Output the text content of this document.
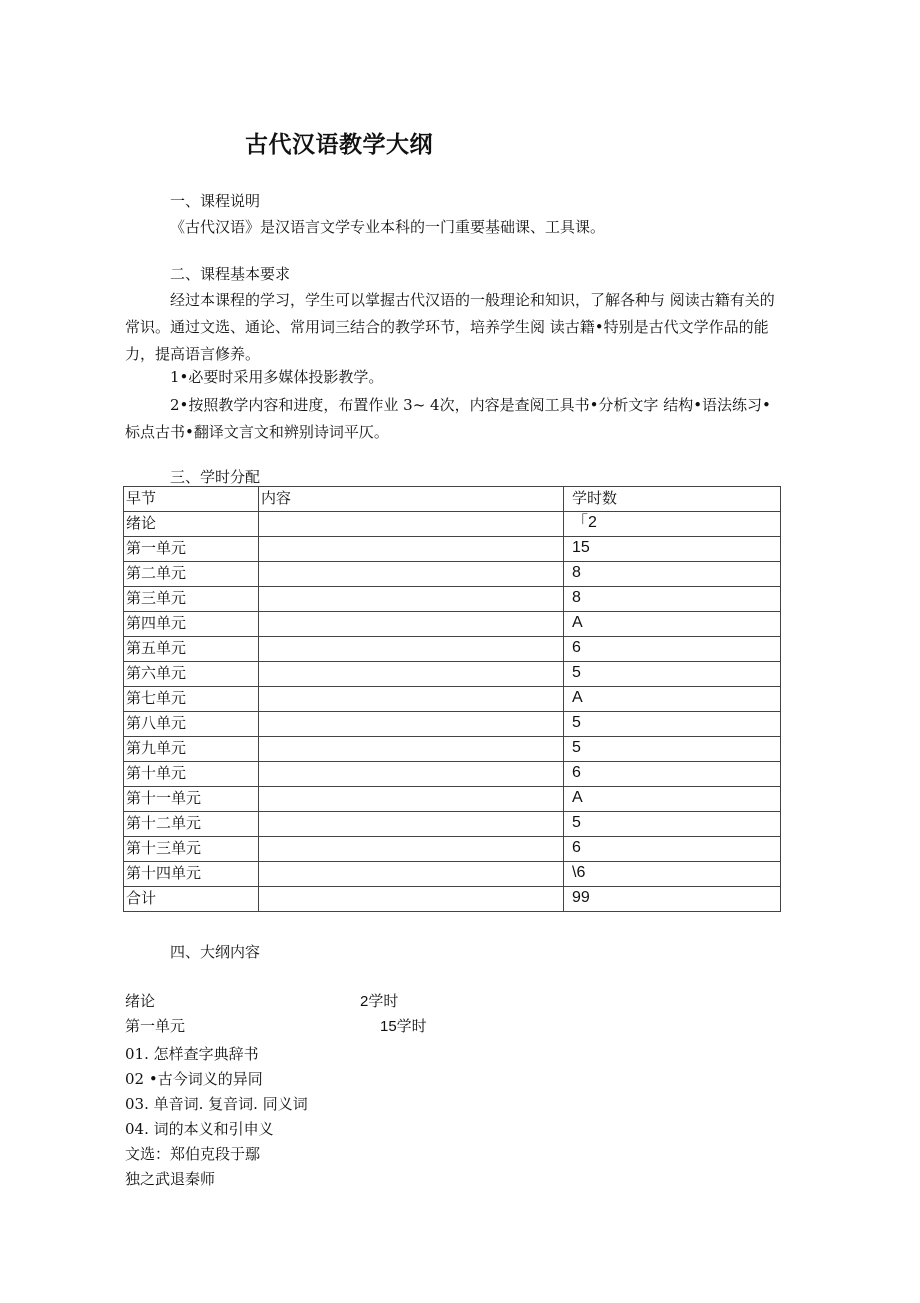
古代汉语教学大纲
一、课程说明
《古代汉语》是汉语言文学专业本科的一门重要基础课、工具课。
二、课程基本要求
经过本课程的学习，学生可以掌握古代汉语的一般理论和知识，了解各种与 阅读古籍有关的常识。通过文选、通论、常用词三结合的教学环节，培养学生阅 读古籍•特别是古代文学作品的能力，提高语言修养。
1•必要时采用多媒体投影教学。
2•按照教学内容和进度，布置作业 3~ 4次，内容是查阅工具书•分析文字 结构•语法练习•标点古书•翻译文言文和辨别诗词平仄。
三、学时分配
早节	内容	学时数
绪论		「2
第一单元		15
第二单元		8
第三单元		8
第四单元		A
第五单元		6
第六单元		5
第七单元		A
第八单元		5
第九单元		5
第十单元		6
第十一单元		A
第十二单元		5
第十三单元		6
第十四单元		\6
合计		99
四、大纲内容
绪论	2学时
第一单元	15学时
01. 怎样查字典辞书
02 •古今词义的异同
03. 单音词. 复音词. 同义词
04. 词的本义和引申义
文选：郑伯克段于鄢
独之武退秦师
